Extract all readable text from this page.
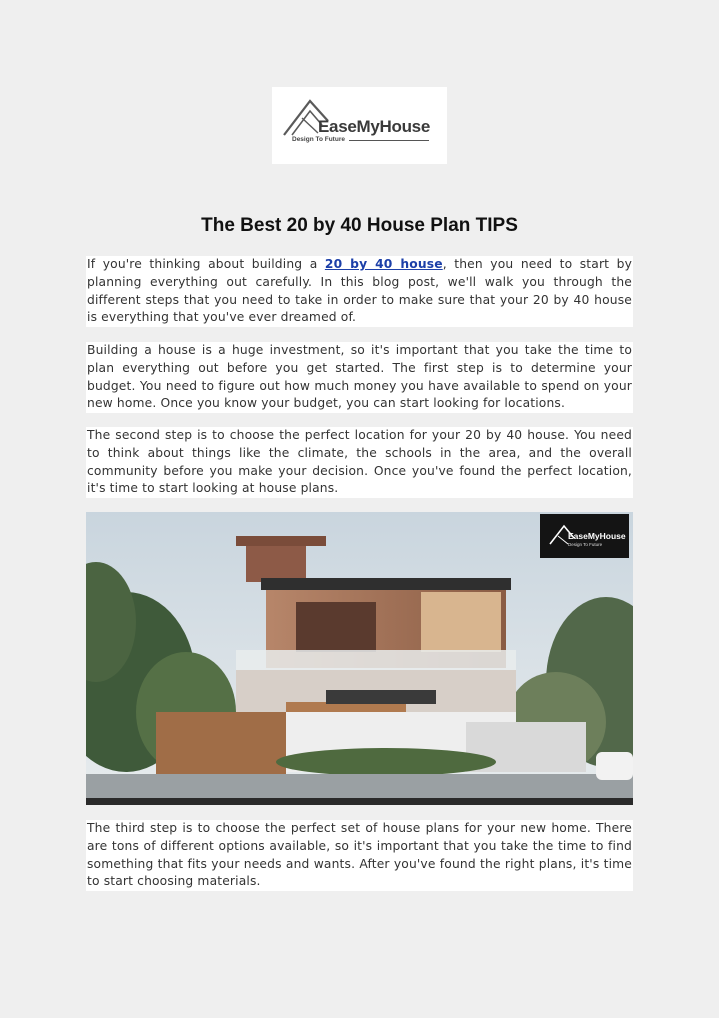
EaseMyHouse
Design To Future
The Best 20 by 40 House Plan TIPS

If you're thinking about building a 20 by 40 house, then you need to start by planning everything out carefully. In this blog post, we'll walk you through the different steps that you need to take in order to make sure that your 20 by 40 house is everything that you've ever dreamed of.

Building a house is a huge investment, so it's important that you take the time to plan everything out before you get started. The first step is to determine your budget. You need to figure out how much money you have available to spend on your new home. Once you know your budget, you can start looking for locations.

The second step is to choose the perfect location for your 20 by 40 house. You need to think about things like the climate, the schools in the area, and the overall community before you make your decision. Once you've found the perfect location, it's time to start looking at house plans.

EaseMyHouse
Design To Future

The third step is to choose the perfect set of house plans for your new home. There are tons of different options available, so it's important that you take the time to find something that fits your needs and wants. After you've found the right plans, it's time to start choosing materials.
